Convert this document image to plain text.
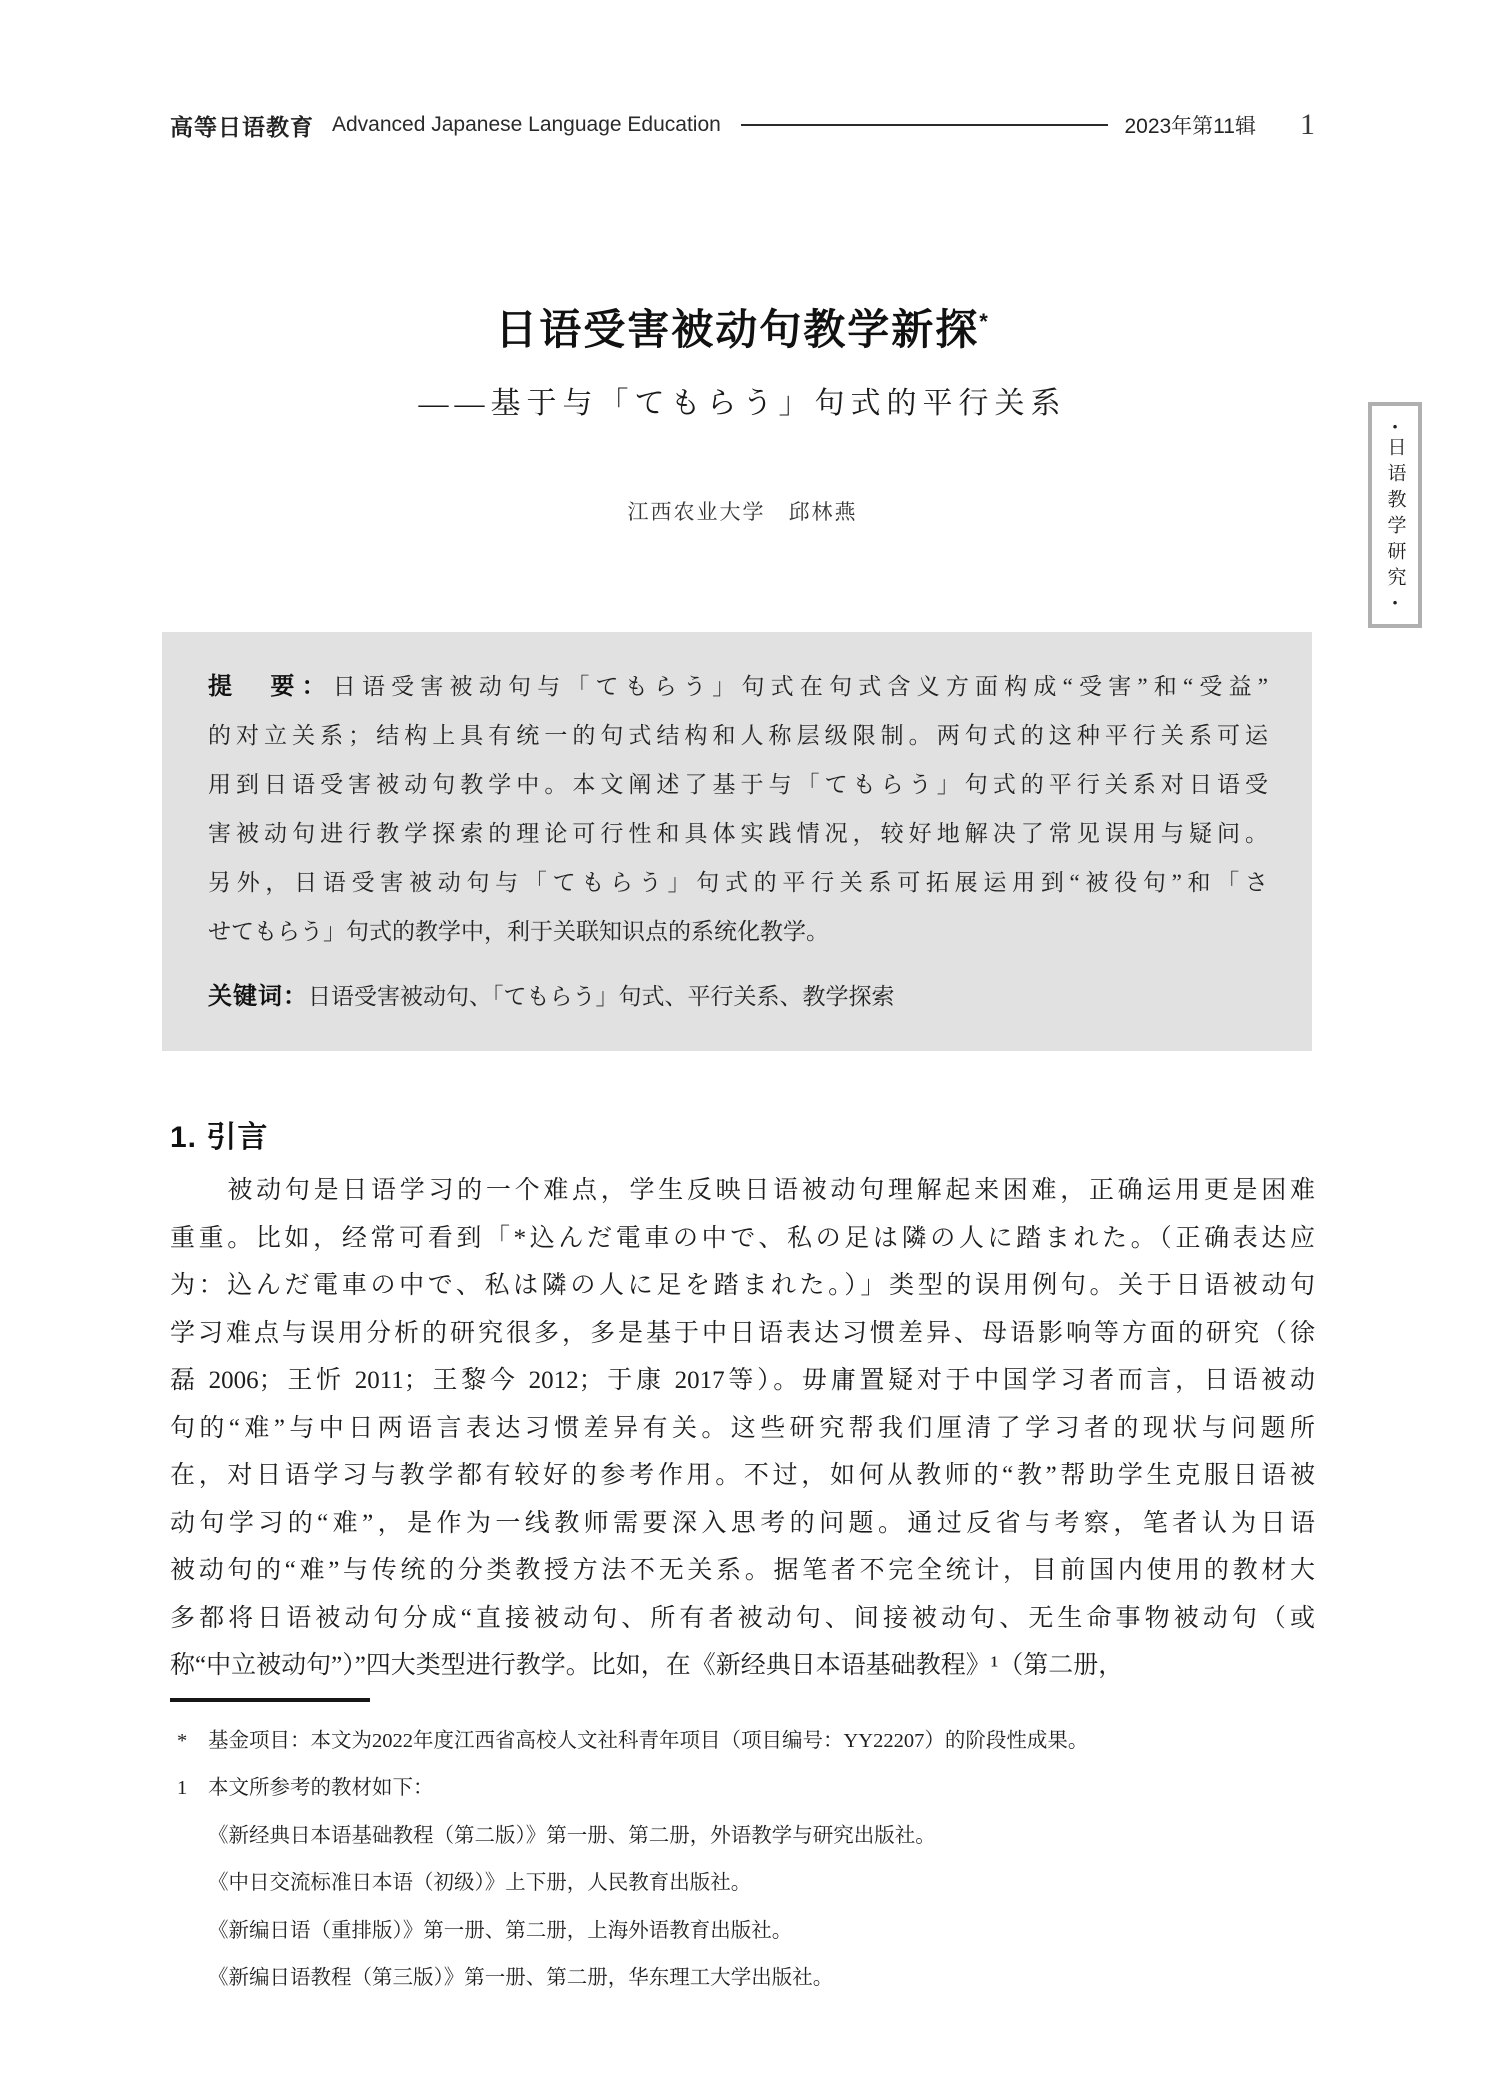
高等日语教育 Advanced Japanese Language Education	2023年第11辑 1
·
日语教学研究
·
日语受害被动句教学新探*
——基于与「てもらう」句式的平行关系
江西农业大学　邱林燕
提　要：日语受害被动句与「てもらう」句式在句式含义方面构成“受害”和“受益”
的对立关系；结构上具有统一的句式结构和人称层级限制。两句式的这种平行关系可运
用到日语受害被动句教学中。本文阐述了基于与「てもらう」句式的平行关系对日语受
害被动句进行教学探索的理论可行性和具体实践情况，较好地解决了常见误用与疑问。
另外，日语受害被动句与「てもらう」句式的平行关系可拓展运用到“被役句”和「さ
せてもらう」句式的教学中，利于关联知识点的系统化教学。
关键词：日语受害被动句、「てもらう」句式、平行关系、教学探索
1. 引言
　　被动句是日语学习的一个难点，学生反映日语被动句理解起来困难，正确运用更是困难
重重。比如，经常可看到「*込んだ電車の中で、私の足は隣の人に踏まれた。（正确表达应
为：込んだ電車の中で、私は隣の人に足を踏まれた。）」类型的误用例句。关于日语被动句
学习难点与误用分析的研究很多，多是基于中日语表达习惯差异、母语影响等方面的研究（徐
磊 2006；王忻 2011；王黎今 2012；于康 2017等）。毋庸置疑对于中国学习者而言，日语被动
句的“难”与中日两语言表达习惯差异有关。这些研究帮我们厘清了学习者的现状与问题所
在，对日语学习与教学都有较好的参考作用。不过，如何从教师的“教”帮助学生克服日语被
动句学习的“难”，是作为一线教师需要深入思考的问题。通过反省与考察，笔者认为日语
被动句的“难”与传统的分类教授方法不无关系。据笔者不完全统计，目前国内使用的教材大
多都将日语被动句分成“直接被动句、所有者被动句、间接被动句、无生命事物被动句（或
称“中立被动句”）”四大类型进行教学。比如，在《新经典日本语基础教程》¹（第二册，
*	基金项目：本文为2022年度江西省高校人文社科青年项目（项目编号：YY22207）的阶段性成果。
1	本文所参考的教材如下：
《新经典日本语基础教程（第二版）》第一册、第二册，外语教学与研究出版社。
《中日交流标准日本语（初级）》上下册，人民教育出版社。
《新编日语（重排版）》第一册、第二册，上海外语教育出版社。
《新编日语教程（第三版）》第一册、第二册，华东理工大学出版社。
